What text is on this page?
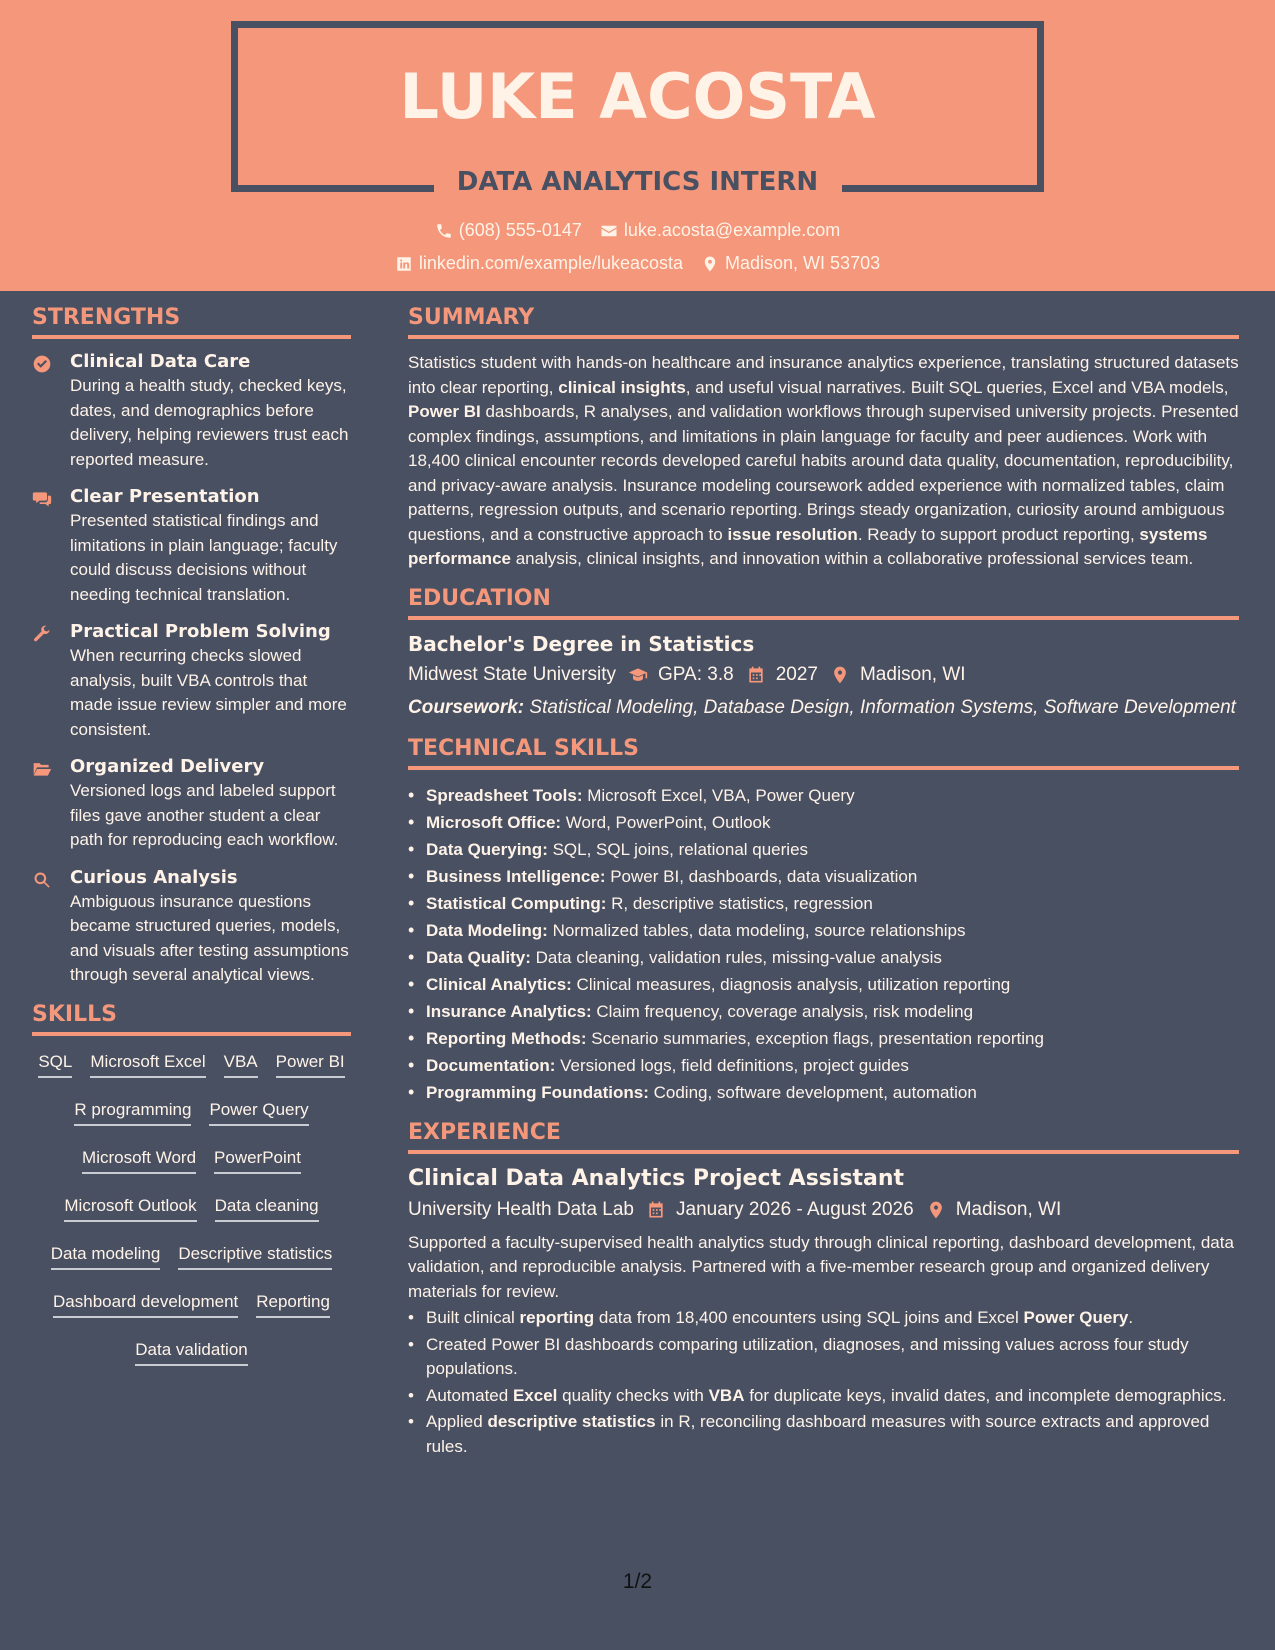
LUKE ACOSTA
DATA ANALYTICS INTERN
(608) 555-0147 luke.acosta@example.com
linkedin.com/example/lukeacosta Madison, WI 53703
STRENGTHS
Clinical Data Care
During a health study, checked keys, dates, and demographics before delivery, helping reviewers trust each reported measure.
Clear Presentation
Presented statistical findings and limitations in plain language; faculty could discuss decisions without needing technical translation.
Practical Problem Solving
When recurring checks slowed analysis, built VBA controls that made issue review simpler and more consistent.
Organized Delivery
Versioned logs and labeled support files gave another student a clear path for reproducing each workflow.
Curious Analysis
Ambiguous insurance questions became structured queries, models, and visuals after testing assumptions through several analytical views.
SKILLS
SQL Microsoft Excel VBA Power BI
R programming Power Query
Microsoft Word PowerPoint
Microsoft Outlook Data cleaning
Data modeling Descriptive statistics
Dashboard development Reporting
Data validation
SUMMARY

Statistics student with hands-on healthcare and insurance analytics experience, translating structured datasets into clear reporting, clinical insights, and useful visual narratives. Built SQL queries, Excel and VBA models, Power BI dashboards, R analyses, and validation workflows through supervised university projects. Presented complex findings, assumptions, and limitations in plain language for faculty and peer audiences. Work with 18,400 clinical encounter records developed careful habits around data quality, documentation, reproducibility, and privacy-aware analysis. Insurance modeling coursework added experience with normalized tables, claim patterns, regression outputs, and scenario reporting. Brings steady organization, curiosity around ambiguous questions, and a constructive approach to issue resolution. Ready to support product reporting, systems performance analysis, clinical insights, and innovation within a collaborative professional services team.

EDUCATION
Bachelor's Degree in Statistics
Midwest State University GPA: 3.8 2027 Madison, WI
Coursework: Statistical Modeling, Database Design, Information Systems, Software Development
TECHNICAL SKILLS
• Spreadsheet Tools: Microsoft Excel, VBA, Power Query
• Microsoft Office: Word, PowerPoint, Outlook
• Data Querying: SQL, SQL joins, relational queries
• Business Intelligence: Power BI, dashboards, data visualization
• Statistical Computing: R, descriptive statistics, regression
• Data Modeling: Normalized tables, data modeling, source relationships
• Data Quality: Data cleaning, validation rules, missing-value analysis
• Clinical Analytics: Clinical measures, diagnosis analysis, utilization reporting
• Insurance Analytics: Claim frequency, coverage analysis, risk modeling
• Reporting Methods: Scenario summaries, exception flags, presentation reporting
• Documentation: Versioned logs, field definitions, project guides
• Programming Foundations: Coding, software development, automation
EXPERIENCE
Clinical Data Analytics Project Assistant
University Health Data Lab January 2026 - August 2026 Madison, WI

Supported a faculty-supervised health analytics study through clinical reporting, dashboard development, data validation, and reproducible analysis. Partnered with a five-member research group and organized delivery materials for review.

• Built clinical reporting data from 18,400 encounters using SQL joins and Excel Power Query.
• Created Power BI dashboards comparing utilization, diagnoses, and missing values across four study populations.
• Automated Excel quality checks with VBA for duplicate keys, invalid dates, and incomplete demographics.
• Applied descriptive statistics in R, reconciling dashboard measures with source extracts and approved rules.
1/2
